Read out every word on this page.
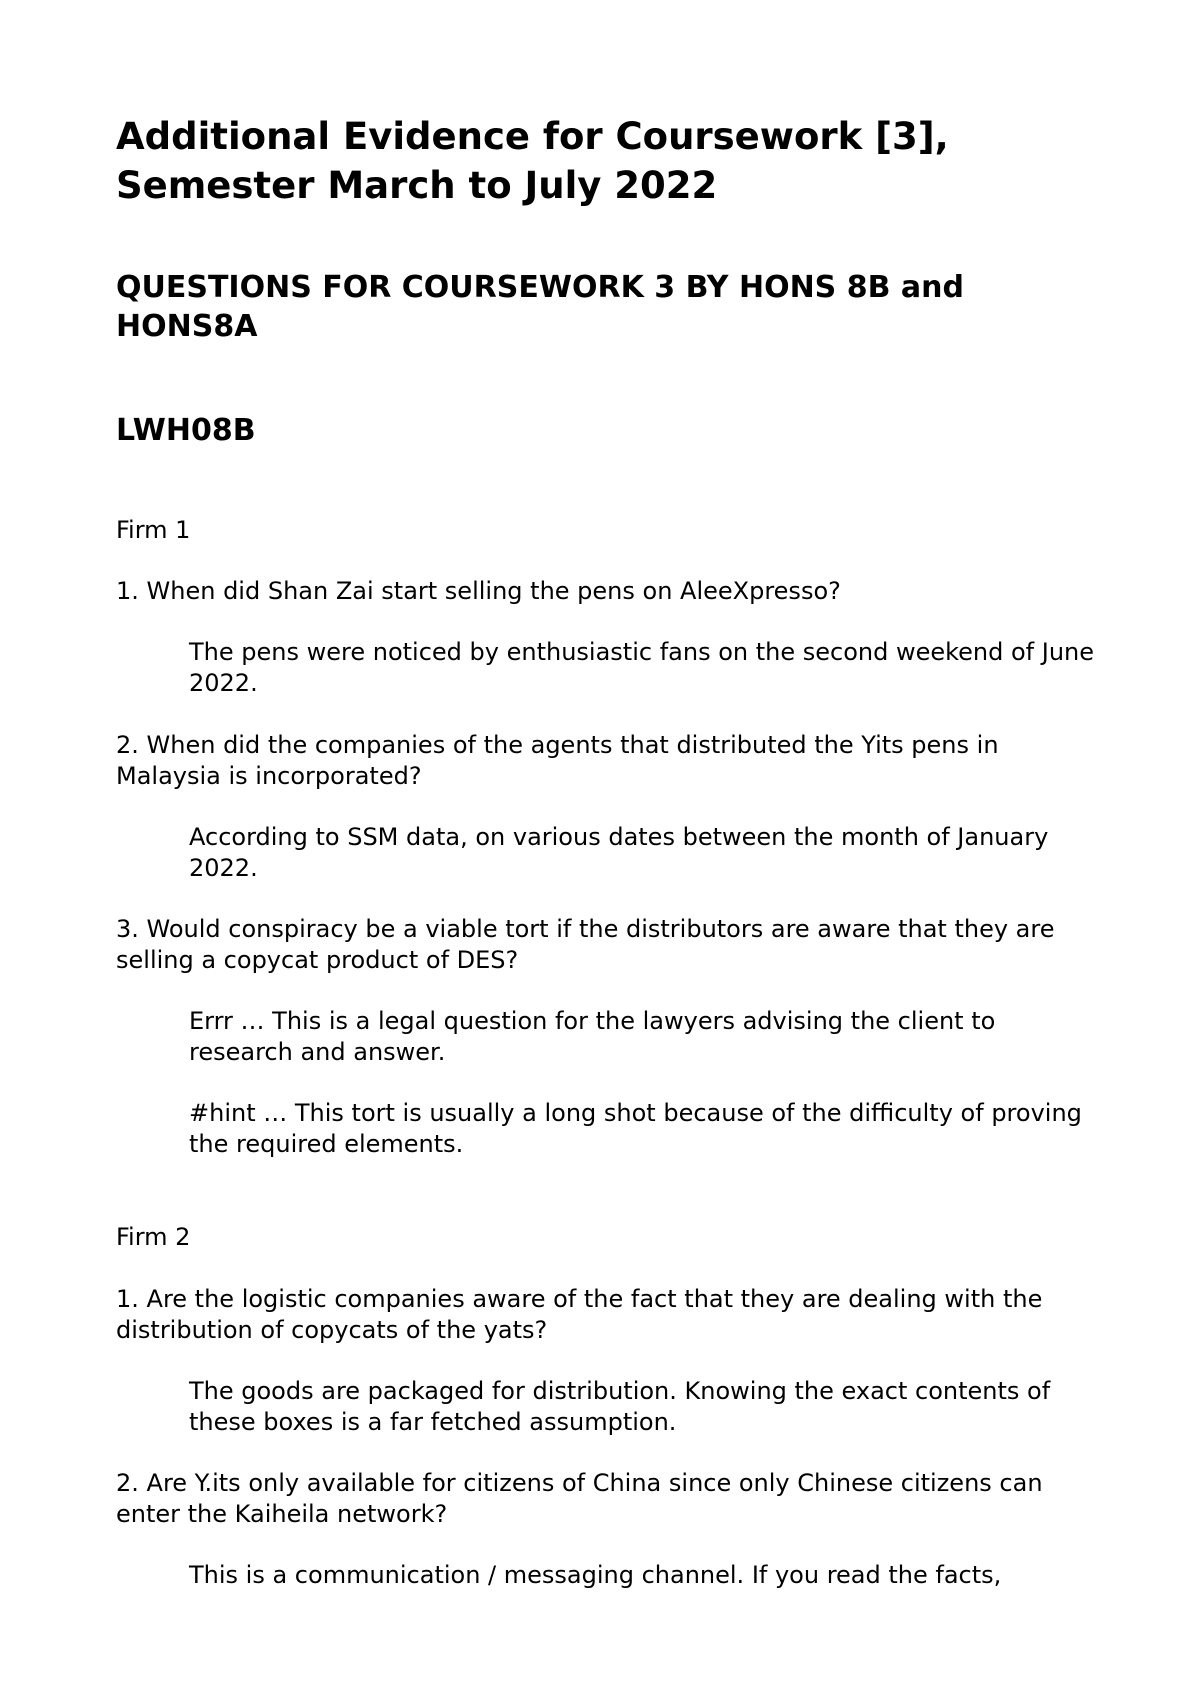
Additional Evidence for Coursework [3], Semester March to July 2022
QUESTIONS FOR COURSEWORK 3 BY HONS 8B and HONS8A
LWH08B

Firm 1

1. When did Shan Zai start selling the pens on AleeXpresso?

The pens were noticed by enthusiastic fans on the second weekend of June 2022.

2. When did the companies of the agents that distributed the Yits pens in Malaysia is incorporated?

According to SSM data, on various dates between the month of January 2022.

3. Would conspiracy be a viable tort if the distributors are aware that they are selling a copycat product of DES?

Errr … This is a legal question for the lawyers advising the client to research and answer.

#hint … This tort is usually a long shot because of the difficulty of proving the required elements.

Firm 2

1. Are the logistic companies aware of the fact that they are dealing with the distribution of copycats of the yats?

The goods are packaged for distribution. Knowing the exact contents of these boxes is a far fetched assumption.

2. Are Y.its only available for citizens of China since only Chinese citizens can enter the Kaiheila network?

This is a communication / messaging channel. If you read the facts,
